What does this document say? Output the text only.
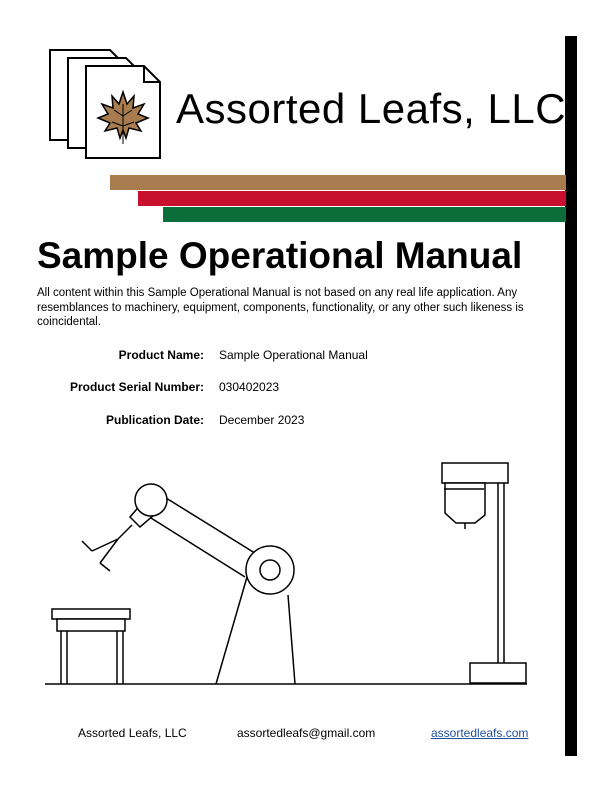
Assorted Leafs, LLC
Sample Operational Manual
All content within this Sample Operational Manual is not based on any real life application. Any resemblances to machinery, equipment, components, functionality, or any other such likeness is coincidental.
Product Name: Sample Operational Manual
Product Serial Number: 030402023
Publication Date: December 2023
Assorted Leafs, LLC	assortedleafs@gmail.com	assortedleafs.com
